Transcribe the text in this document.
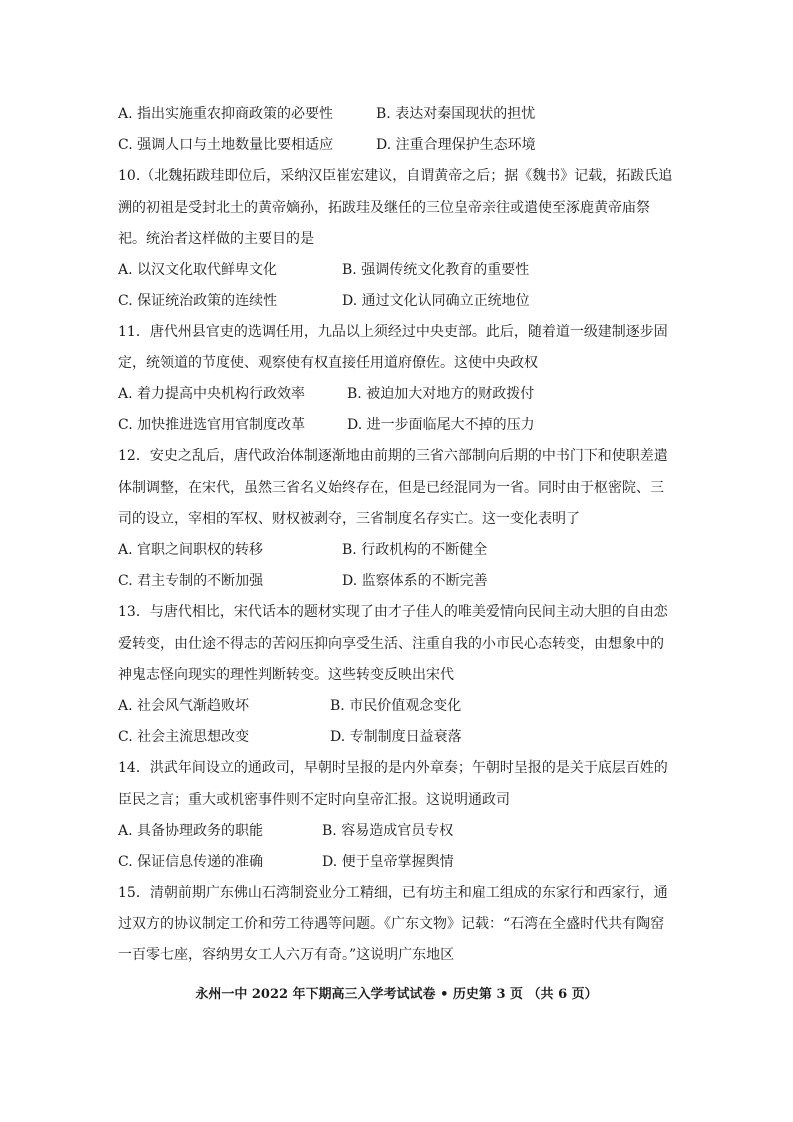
A. 指出实施重农抑商政策的必要性	B. 表达对秦国现状的担忧
C. 强调人口与土地数量比要相适应	D. 注重合理保护生态环境
10.（北魏拓跋珪即位后，采纳汉臣崔宏建议，自谓黄帝之后；据《魏书》记载，拓跋氏追
溯的初祖是受封北土的黄帝嫡孙，拓跋珪及继任的三位皇帝亲往或遣使至涿鹿黄帝庙祭
祀。统治者这样做的主要目的是
A. 以汉文化取代鲜卑文化	B. 强调传统文化教育的重要性
C. 保证统治政策的连续性	D. 通过文化认同确立正统地位
11．唐代州县官吏的选调任用，九品以上须经过中央吏部。此后，随着道一级建制逐步固
定，统领道的节度使、观察使有权直接任用道府僚佐。这使中央政权
A. 着力提高中央机构行政效率	B. 被迫加大对地方的财政拨付
C. 加快推进选官用官制度改革	D. 进一步面临尾大不掉的压力
12．安史之乱后，唐代政治体制逐渐地由前期的三省六部制向后期的中书门下和使职差遣
体制调整，在宋代，虽然三省名义始终存在，但是已经混同为一省。同时由于枢密院、三
司的设立，宰相的军权、财权被剥夺，三省制度名存实亡。这一变化表明了
A. 官职之间职权的转移	B. 行政机构的不断健全
C. 君主专制的不断加强	D. 监察体系的不断完善
13．与唐代相比，宋代话本的题材实现了由才子佳人的唯美爱情向民间主动大胆的自由恋
爱转变，由仕途不得志的苦闷压抑向享受生活、注重自我的小市民心态转变，由想象中的
神鬼志怪向现实的理性判断转变。这些转变反映出宋代
A. 社会风气渐趋败坏	B. 市民价值观念变化
C. 社会主流思想改变	D. 专制制度日益衰落
14．洪武年间设立的通政司，早朝时呈报的是内外章奏；午朝时呈报的是关于底层百姓的
臣民之言；重大或机密事件则不定时向皇帝汇报。这说明通政司
A. 具备协理政务的职能	B. 容易造成官员专权
C. 保证信息传递的准确	D. 便于皇帝掌握舆情
15．清朝前期广东佛山石湾制瓷业分工精细，已有坊主和雇工组成的东家行和西家行，通
过双方的协议制定工价和劳工待遇等问题。《广东文物》记载：“石湾在全盛时代共有陶窑
一百零七座，容纳男女工人六万有奇。”这说明广东地区
永州一中 2022 年下期高三入学考试试卷 • 历史第 3 页 （共 6 页）
